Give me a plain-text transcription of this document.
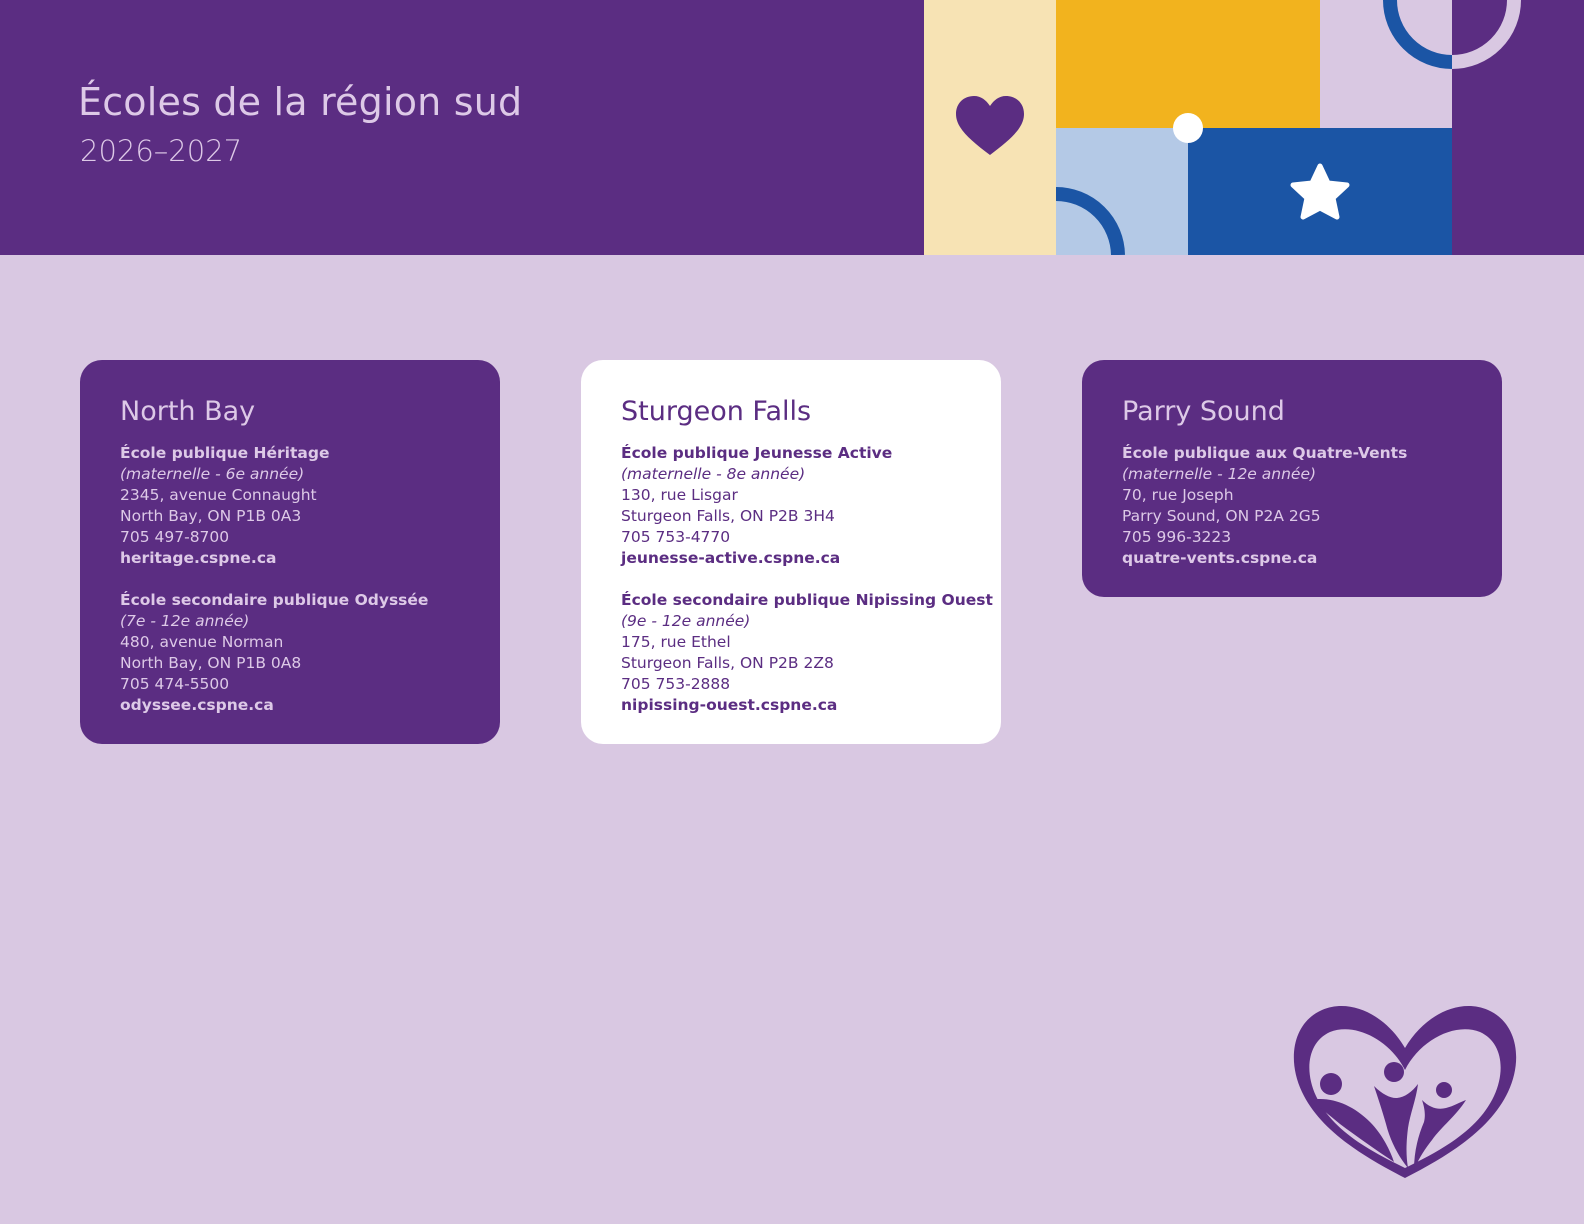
Écoles de la région sud

2026–2027

North Bay
École publique Héritage
(maternelle - 6e année)
2345, avenue Connaught
North Bay, ON P1B 0A3
705 497-8700
heritage.cspne.ca
École secondaire publique Odyssée
(7e - 12e année)
480, avenue Norman
North Bay, ON P1B 0A8
705 474-5500
odyssee.cspne.ca
Sturgeon Falls
École publique Jeunesse Active
(maternelle - 8e année)
130, rue Lisgar
Sturgeon Falls, ON P2B 3H4
705 753-4770
jeunesse-active.cspne.ca
École secondaire publique Nipissing Ouest
(9e - 12e année)
175, rue Ethel
Sturgeon Falls, ON P2B 2Z8
705 753-2888
nipissing-ouest.cspne.ca
Parry Sound
École publique aux Quatre-Vents
(maternelle - 12e année)
70, rue Joseph
Parry Sound, ON P2A 2G5
705 996-3223
quatre-vents.cspne.ca
